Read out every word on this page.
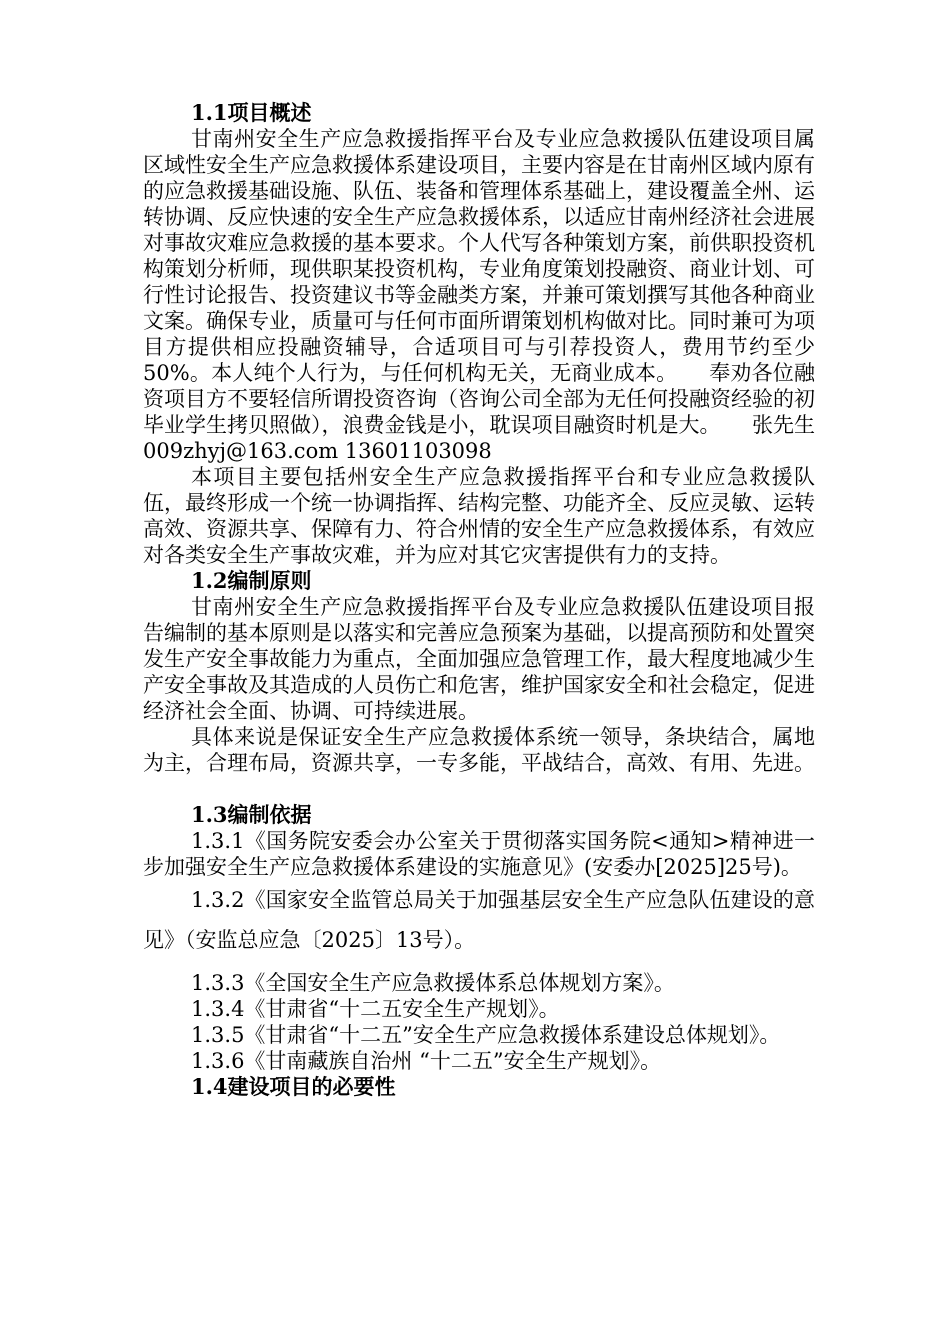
1.1项目概述

甘南州安全生产应急救援指挥平台及专业应急救援队伍建设项目属区域性安全生产应急救援体系建设项目，主要内容是在甘南州区域内原有的应急救援基础设施、队伍、装备和管理体系基础上，建设覆盖全州、运转协调、反应快速的安全生产应急救援体系，以适应甘南州经济社会进展对事故灾难应急救援的基本要求。个人代写各种策划方案，前供职投资机构策划分析师，现供职某投资机构，专业角度策划投融资、商业计划、可行性讨论报告、投资建议书等金融类方案，并兼可策划撰写其他各种商业文案。确保专业，质量可与任何市面所谓策划机构做对比。同时兼可为项目方提供相应投融资辅导，合适项目可与引荐投资人，费用节约至少50%。本人纯个人行为，与任何机构无关，无商业成本。　　奉劝各位融资项目方不要轻信所谓投资咨询（咨询公司全部为无任何投融资经验的初毕业学生拷贝照做），浪费金钱是小，耽误项目融资时机是大。　　张先生 009zhyj@163.com 13601103098

本项目主要包括州安全生产应急救援指挥平台和专业应急救援队伍，最终形成一个统一协调指挥、结构完整、功能齐全、反应灵敏、运转高效、资源共享、保障有力、符合州情的安全生产应急救援体系，有效应对各类安全生产事故灾难，并为应对其它灾害提供有力的支持。

1.2编制原则

甘南州安全生产应急救援指挥平台及专业应急救援队伍建设项目报告编制的基本原则是以落实和完善应急预案为基础，以提高预防和处置突发生产安全事故能力为重点，全面加强应急管理工作，最大程度地减少生产安全事故及其造成的人员伤亡和危害，维护国家安全和社会稳定，促进经济社会全面、协调、可持续进展。

具体来说是保证安全生产应急救援体系统一领导，条块结合，属地为主，合理布局，资源共享，一专多能，平战结合，高效、有用、先进。

1.3编制依据

1.3.1《国务院安委会办公室关于贯彻落实国务院<通知>精神进一步加强安全生产应急救援体系建设的实施意见》(安委办[2025]25号)。

1.3.2《国家安全监管总局关于加强基层安全生产应急队伍建设的意见》（安监总应急〔2025〕13号）。

1.3.3《全国安全生产应急救援体系总体规划方案》。

1.3.4《甘肃省“十二五安全生产规划》。

1.3.5《甘肃省“十二五”安全生产应急救援体系建设总体规划》。

1.3.6《甘南藏族自治州 “十二五”安全生产规划》。

1.4建设项目的必要性
